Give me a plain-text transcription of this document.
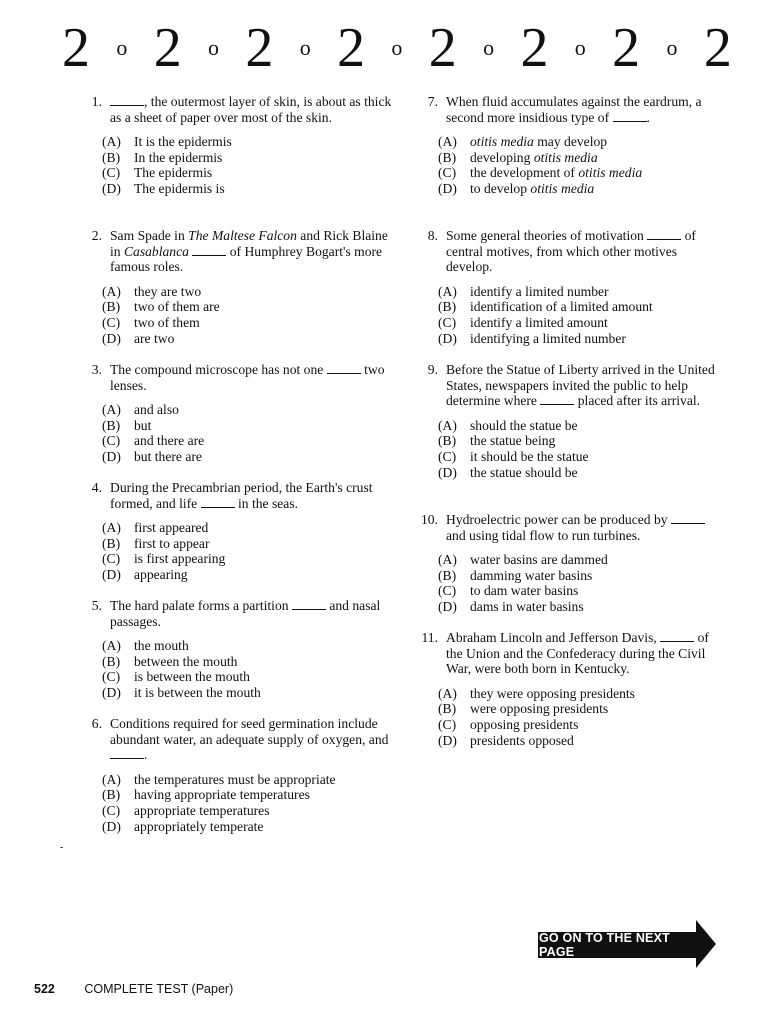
2 o 2 o 2 o 2 o 2 o 2 o 2 o 2
1.	, the outermost layer of skin, is about as thick as a sheet of paper over most of the skin.
(A) It is the epidermis
(B)	In the epidermis
(C)	The epidermis
(D) The epidermis is
2. Sam Spade in The Maltese Falcon and Rick Blaine in Casablanca	of Humphrey Bogart's more famous roles.
(A) they are two
(B)	two of them are
(C)	two of them
(D) are two
3. The compound microscope has not one	two lenses.
(A) and also
(B)	but
(C)	and there are
(D) but there are
4. During the Precambrian period, the Earth's crust formed, and life	in the seas.
(A) first appeared
(B)	first to appear
(C)	is first appearing
(D) appearing
5. The hard palate forms a partition	and nasal passages.
(A) the mouth
(B)	between the mouth
(C)	is between the mouth
(D) it is between the mouth
6. Conditions required for seed germination include abundant water, an adequate supply of oxygen, and .
(A) the temperatures must be appropriate
(B)	having appropriate temperatures
(C)	appropriate temperatures
(D) appropriately temperate
7. When fluid accumulates against the eardrum, a second more insidious type of	.
(A) otitis media may develop
(B)	developing otitis media
(C)	the development of otitis media
(D) to develop otitis media
8. Some general theories of motivation	of central motives, from which other motives develop.
(A) identify a limited number
(B)	identification of a limited amount
(C)	identify a limited amount
(D) identifying a limited number
9. Before the Statue of Liberty arrived in the United States, newspapers invited the public to help determine where	placed after its arrival.
(A) should the statue be
(B)	the statue being
(C)	it should be the statue
(D) the statue should be
10. Hydroelectric power can be produced by  and using tidal flow to run turbines.
(A) water basins are dammed
(B)	damming water basins
(C)	to dam water basins
(D) dams in water basins
11. Abraham Lincoln and Jefferson Davis,	of the Union and the Confederacy during the Civil War, were both born in Kentucky.
(A) they were opposing presidents
(B)	were opposing presidents
(C)	opposing presidents
(D) presidents opposed
-
GO ON TO THE NEXT PAGE
522 COMPLETE TEST (Paper)
